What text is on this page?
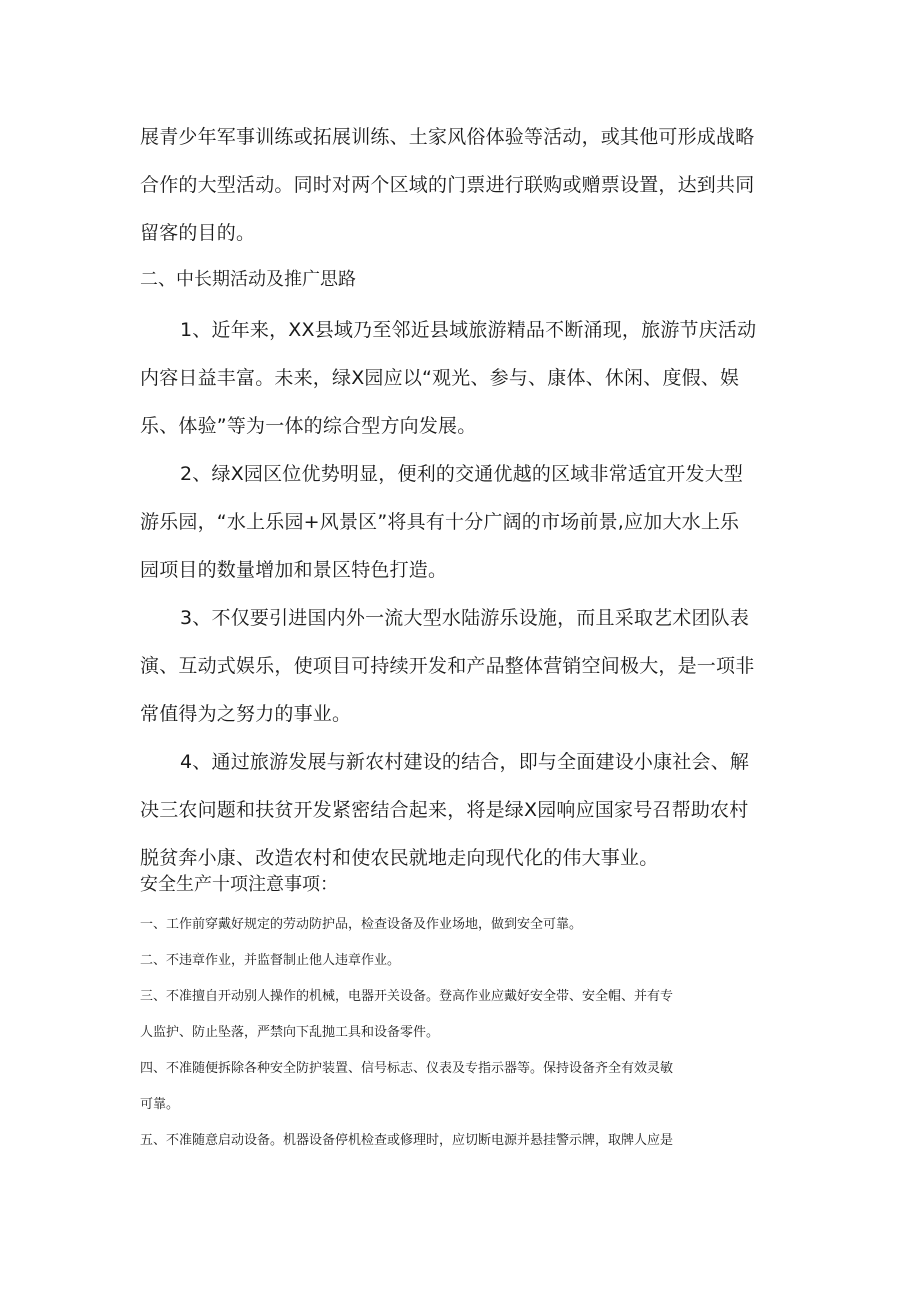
展青少年军事训练或拓展训练、土家风俗体验等活动，或其他可形成战略
合作的大型活动。同时对两个区域的门票进行联购或赠票设置，达到共同
留客的目的。
二、中长期活动及推广思路
1、近年来，XX县域乃至邻近县域旅游精品不断涌现，旅游节庆活动
内容日益丰富。未来，绿X园应以“观光、参与、康体、休闲、度假、娱
乐、体验”等为一体的综合型方向发展。
2、绿X园区位优势明显，便利的交通优越的区域非常适宜开发大型
游乐园，“水上乐园+风景区”将具有十分广阔的市场前景,应加大水上乐
园项目的数量增加和景区特色打造。
3、不仅要引进国内外一流大型水陆游乐设施，而且采取艺术团队表
演、互动式娱乐，使项目可持续开发和产品整体营销空间极大，是一项非
常值得为之努力的事业。
4、通过旅游发展与新农村建设的结合，即与全面建设小康社会、解
决三农问题和扶贫开发紧密结合起来，将是绿X园响应国家号召帮助农村
脱贫奔小康、改造农村和使农民就地走向现代化的伟大事业。
安全生产十项注意事项：
一、工作前穿戴好规定的劳动防护品，检查设备及作业场地，做到安全可靠。
二、不违章作业，并监督制止他人违章作业。
三、不准擅自开动别人操作的机械，电器开关设备。登高作业应戴好安全带、安全帽、并有专
人监护、防止坠落，严禁向下乱抛工具和设备零件。
四、不准随便拆除各种安全防护装置、信号标志、仪表及专指示器等。保持设备齐全有效灵敏
可靠。
五、不准随意启动设备。机器设备停机检查或修理时，应切断电源并悬挂警示牌，取牌人应是
